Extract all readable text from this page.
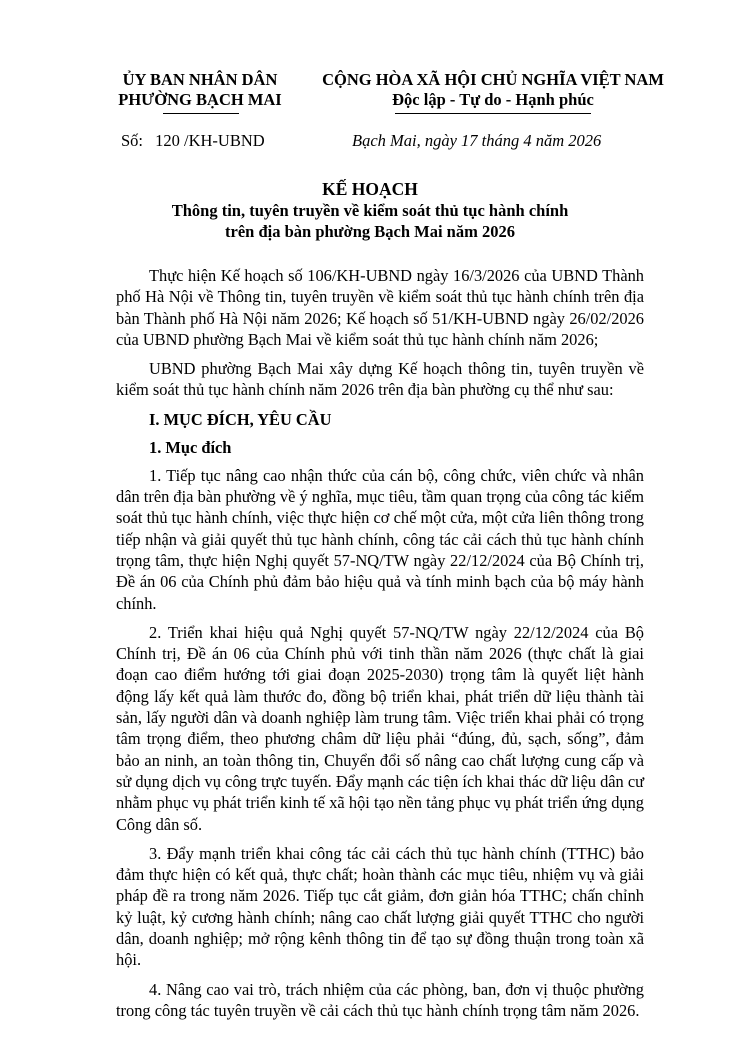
ỦY BAN NHÂN DÂN
PHƯỜNG BẠCH MAI
CỘNG HÒA XÃ HỘI CHỦ NGHĨA VIỆT NAM
Độc lập - Tự do - Hạnh phúc
Số: 120 /KH-UBND	Bạch Mai, ngày 17 tháng 4 năm 2026
KẾ HOẠCH
Thông tin, tuyên truyền về kiểm soát thủ tục hành chính
trên địa bàn phường Bạch Mai năm 2026

Thực hiện Kế hoạch số 106/KH-UBND ngày 16/3/2026 của UBND Thành phố Hà Nội về Thông tin, tuyên truyền về kiểm soát thủ tục hành chính trên địa bàn Thành phố Hà Nội năm 2026; Kế hoạch số 51/KH-UBND ngày 26/02/2026 của UBND phường Bạch Mai về kiểm soát thủ tục hành chính năm 2026;

UBND phường Bạch Mai xây dựng Kế hoạch thông tin, tuyên truyền về kiểm soát thủ tục hành chính năm 2026 trên địa bàn phường cụ thể như sau:

I. MỤC ĐÍCH, YÊU CẦU
1. Mục đích

1. Tiếp tục nâng cao nhận thức của cán bộ, công chức, viên chức và nhân dân trên địa bàn phường về ý nghĩa, mục tiêu, tầm quan trọng của công tác kiểm soát thủ tục hành chính, việc thực hiện cơ chế một cửa, một cửa liên thông trong tiếp nhận và giải quyết thủ tục hành chính, công tác cải cách thủ tục hành chính trọng tâm, thực hiện Nghị quyết 57-NQ/TW ngày 22/12/2024 của Bộ Chính trị, Đề án 06 của Chính phủ đảm bảo hiệu quả và tính minh bạch của bộ máy hành chính.

2. Triển khai hiệu quả Nghị quyết 57-NQ/TW ngày 22/12/2024 của Bộ Chính trị, Đề án 06 của Chính phủ với tinh thần năm 2026 (thực chất là giai đoạn cao điểm hướng tới giai đoạn 2025-2030) trọng tâm là quyết liệt hành động lấy kết quả làm thước đo, đồng bộ triển khai, phát triển dữ liệu thành tài sản, lấy người dân và doanh nghiệp làm trung tâm. Việc triển khai phải có trọng tâm trọng điểm, theo phương châm dữ liệu phải “đúng, đủ, sạch, sống”, đảm bảo an ninh, an toàn thông tin, Chuyển đổi số nâng cao chất lượng cung cấp và sử dụng dịch vụ công trực tuyến. Đẩy mạnh các tiện ích khai thác dữ liệu dân cư nhằm phục vụ phát triển kinh tế xã hội tạo nền tảng phục vụ phát triển ứng dụng Công dân số.

3. Đẩy mạnh triển khai công tác cải cách thủ tục hành chính (TTHC) bảo đảm thực hiện có kết quả, thực chất; hoàn thành các mục tiêu, nhiệm vụ và giải pháp đề ra trong năm 2026. Tiếp tục cắt giảm, đơn giản hóa TTHC; chấn chỉnh kỷ luật, kỷ cương hành chính; nâng cao chất lượng giải quyết TTHC cho người dân, doanh nghiệp; mở rộng kênh thông tin để tạo sự đồng thuận trong toàn xã hội.

4. Nâng cao vai trò, trách nhiệm của các phòng, ban, đơn vị thuộc phường trong công tác tuyên truyền về cải cách thủ tục hành chính trọng tâm năm 2026.
